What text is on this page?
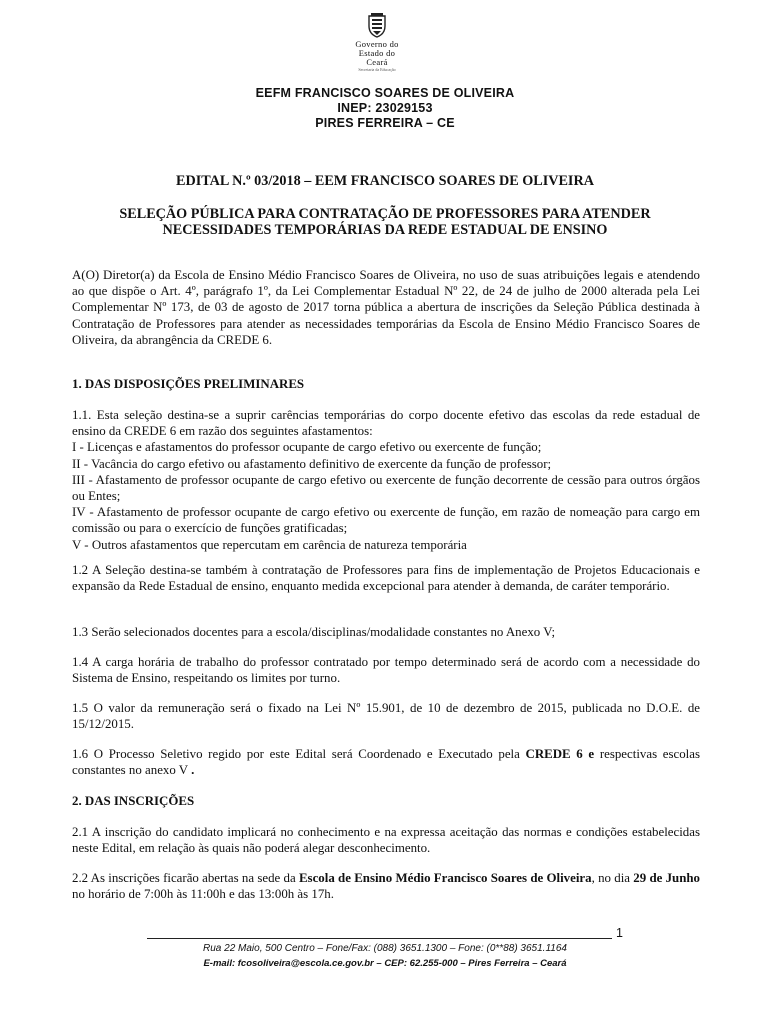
Governo do
Estado do Ceará
Secretaria da Educação
EEFM FRANCISCO SOARES DE OLIVEIRA
INEP: 23029153
PIRES FERREIRA – CE
EDITAL N.º 03/2018 – EEM FRANCISCO SOARES DE OLIVEIRA
SELEÇÃO PÚBLICA PARA CONTRATAÇÃO DE PROFESSORES PARA ATENDER
NECESSIDADES TEMPORÁRIAS DA REDE ESTADUAL DE ENSINO

A(O) Diretor(a) da Escola de Ensino Médio Francisco Soares de Oliveira, no uso de suas atribuições legais e atendendo ao que dispõe o Art. 4º, parágrafo 1º, da Lei Complementar Estadual Nº 22, de 24 de julho de 2000 alterada pela Lei Complementar Nº 173, de 03 de agosto de 2017 torna pública a abertura de inscrições da Seleção Pública destinada à Contratação de Professores para atender as necessidades temporárias da Escola de Ensino Médio Francisco Soares de Oliveira, da abrangência da CREDE 6.

1. DAS DISPOSIÇÕES PRELIMINARES

1.1. Esta seleção destina-se a suprir carências temporárias do corpo docente efetivo das escolas da rede estadual de ensino da CREDE 6 em razão dos seguintes afastamentos:

I - Licenças e afastamentos do professor ocupante de cargo efetivo ou exercente de função;

II - Vacância do cargo efetivo ou afastamento definitivo de exercente da função de professor;

III - Afastamento de professor ocupante de cargo efetivo ou exercente de função decorrente de cessão para outros órgãos ou Entes;

IV - Afastamento de professor ocupante de cargo efetivo ou exercente de função, em razão de nomeação para cargo em comissão ou para o exercício de funções gratificadas;

V - Outros afastamentos que repercutam em carência de natureza temporária

1.2 A Seleção destina-se também à contratação de Professores para fins de implementação de Projetos Educacionais e expansão da Rede Estadual de ensino, enquanto medida excepcional para atender à demanda, de caráter temporário.

1.3 Serão selecionados docentes para a escola/disciplinas/modalidade constantes no Anexo V;

1.4 A carga horária de trabalho do professor contratado por tempo determinado será de acordo com a necessidade do Sistema de Ensino, respeitando os limites por turno.

1.5 O valor da remuneração será o fixado na Lei Nº 15.901, de 10 de dezembro de 2015, publicada no D.O.E. de 15/12/2015.

1.6 O Processo Seletivo regido por este Edital será Coordenado e Executado pela CREDE 6 e respectivas escolas constantes no anexo V .

2. DAS INSCRIÇÕES

2.1 A inscrição do candidato implicará no conhecimento e na expressa aceitação das normas e condições estabelecidas neste Edital, em relação às quais não poderá alegar desconhecimento.

2.2 As inscrições ficarão abertas na sede da Escola de Ensino Médio Francisco Soares de Oliveira, no dia 29 de Junho no horário de 7:00h às 11:00h e das 13:00h às 17h.

1
Rua 22 Maio, 500 Centro – Fone/Fax: (088) 3651.1300 – Fone: (0**88) 3651.1164
E-mail: fcosoliveira@escola.ce.gov.br – CEP: 62.255-000 – Pires Ferreira – Ceará
